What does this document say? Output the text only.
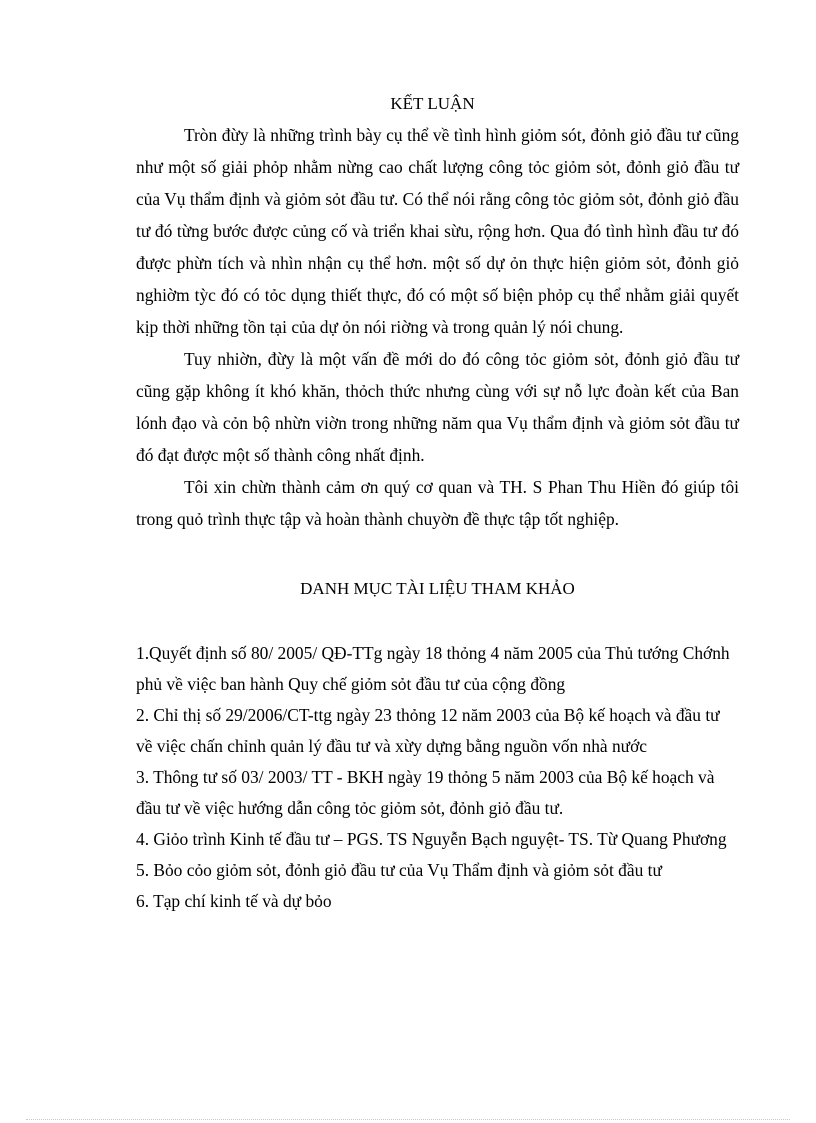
KẾT LUẬN

Tròn đừy là những trình bày cụ thể về tình hình giỏm sót, đỏnh giỏ đầu tư cũng như một số giải phỏp nhằm nừng cao chất lượng công tỏc giỏm sỏt, đỏnh giỏ đầu tư của Vụ thẩm định và giỏm sỏt đầu tư. Có thể nói rằng công tỏc giỏm sỏt, đỏnh giỏ đầu tư đó từng bước được củng cố và triển khai sừu, rộng hơn. Qua đó tình hình đầu tư đó được phừn tích và nhìn nhận cụ thể hơn. một số dự ỏn thực hiện giỏm sỏt, đỏnh giỏ nghiờm tỳc đó có tỏc dụng thiết thực, đó có một số biện phỏp cụ thể nhằm giải quyết kịp thời những tồn tại của dự ỏn nói riờng và trong quản lý nói chung.

Tuy nhiờn, đừy là một vấn đề mới do đó công tỏc giỏm sỏt, đỏnh giỏ đầu tư cũng gặp không ít khó khăn, thỏch thức nhưng cùng với sự nỗ lực đoàn kết của Ban lónh đạo và cỏn bộ nhừn viờn trong những năm qua Vụ thẩm định và giỏm sỏt đầu tư đó đạt được một số thành công nhất định.

Tôi xin chừn thành cảm ơn quý cơ quan và TH. S Phan Thu Hiền đó giúp tôi trong quỏ trình thực tập và hoàn thành chuyờn đề thực tập tốt nghiệp.

DANH MỤC TÀI LIỆU THAM KHẢO
1.Quyết định số 80/ 2005/ QĐ-TTg ngày 18 thỏng 4 năm 2005 của Thủ tướng Chớnh phủ về việc ban hành Quy chế giỏm sỏt đầu tư của cộng đồng
2. Chỉ thị số 29/2006/CT-ttg ngày 23 thỏng 12 năm 2003 của Bộ kế hoạch và đầu tư về việc chấn chỉnh quản lý đầu tư và xừy dựng bằng nguồn vốn nhà nước
3. Thông tư số 03/ 2003/ TT - BKH ngày 19 thỏng 5 năm 2003 của Bộ kế hoạch và đầu tư về việc hướng dẫn công tỏc giỏm sỏt, đỏnh giỏ đầu tư.
4. Giỏo trình Kinh tế đầu tư – PGS. TS Nguyễn Bạch nguyệt- TS. Từ Quang Phương
5. Bỏo cỏo giỏm sỏt, đỏnh giỏ đầu tư của Vụ Thẩm định và giỏm sỏt đầu tư
6. Tạp chí kinh tế và dự bỏo
